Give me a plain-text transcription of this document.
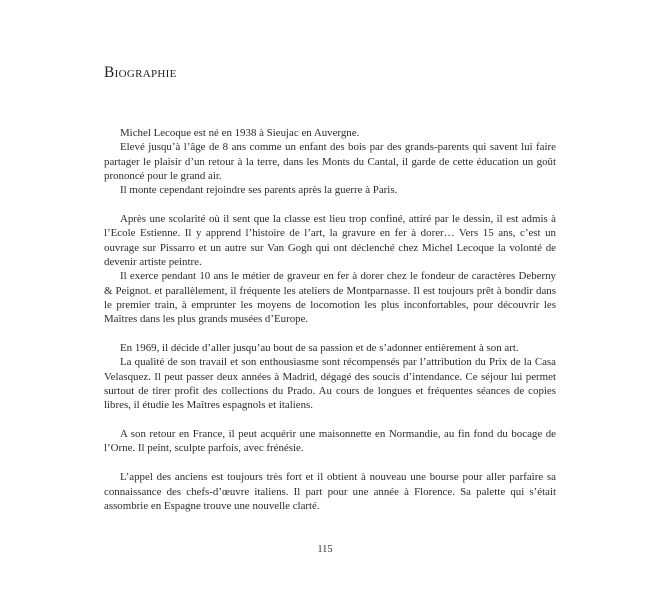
Biographie

Michel Lecoque est né en 1938 à Sieujac en Auvergne.

Elevé jusqu’à l’âge de 8 ans comme un enfant des bois par des grands-parents qui savent lui faire partager le plaisir d’un retour à la terre, dans les Monts du Cantal, il garde de cette éducation un goût prononcé pour le grand air.

Il monte cependant rejoindre ses parents après la guerre à Paris.

Après une scolarité où il sent que la classe est lieu trop confiné, attiré par le dessin, il est admis à l’Ecole Estienne. Il y apprend l’histoire de l’art, la gravure en fer à dorer… Vers 15 ans, c’est un ouvrage sur Pissarro et un autre sur Van Gogh qui ont déclenché chez Michel Lecoque la volonté de devenir artiste peintre.

Il exerce pendant 10 ans le métier de graveur en fer à dorer chez le fondeur de caractères Deberny & Peignot. et parallèlement, il fréquente les ateliers de Montparnasse. Il est toujours prêt à bondir dans le premier train, à emprunter les moyens de locomotion les plus inconfortables, pour découvrir les Maîtres dans les plus grands musées d’Europe.

En 1969, il décide d’aller jusqu’au bout de sa passion et de s’adonner entièrement à son art.

La qualité de son travail et son enthousiasme sont récompensés par l’attribution du Prix de la Casa Velasquez. Il peut passer deux années à Madrid, dégagé des soucis d’intendance. Ce séjour lui permet surtout de tirer profit des collections du Prado. Au cours de longues et fréquentes séances de copies libres, il étudie les Maîtres espagnols et italiens.

A son retour en France, il peut acquérir une maisonnette en Normandie, au fin fond du bocage de l’Orne. Il peint, sculpte parfois, avec frénésie.

L’appel des anciens est toujours très fort et il obtient à nouveau une bourse pour aller parfaire sa connaissance des chefs-d’œuvre italiens. Il part pour une année à Florence. Sa palette qui s’était assombrie en Espagne trouve une nouvelle clarté.

115
